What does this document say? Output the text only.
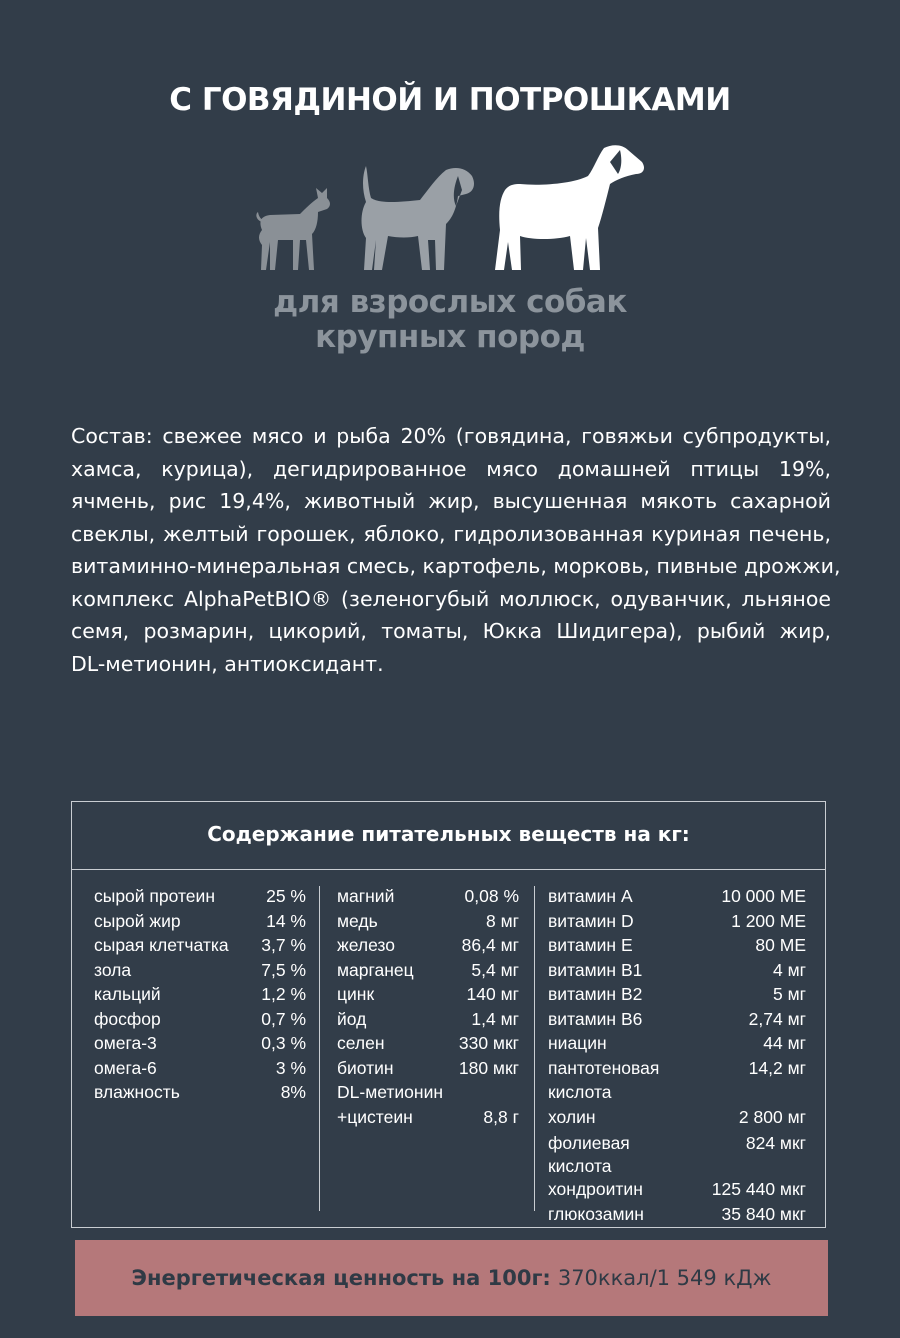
С ГОВЯДИНОЙ И ПОТРОШКАМИ
для взрослых собак
крупных пород
Состав: свежее мясо и рыба 20% (говядина, говяжьи субпродукты,
хамса, курица), дегидрированное мясо домашней птицы 19%,
ячмень, рис 19,4%, животный жир, высушенная мякоть сахарной
свеклы, желтый горошек, яблоко, гидролизованная куриная печень,
витаминно-минеральная смесь, картофель, морковь, пивные дрожжи,
комплекс AlphaPetBIO® (зеленогубый моллюск, одуванчик, льняное
семя, розмарин, цикорий, томаты, Юкка Шидигера), рыбий жир,
DL-метионин, антиоксидант.
Содержание питательных веществ на кг:
сырой протеин	25 %
сырой жир	14 %
сырая клетчатка 3,7 %
зола	7,5 %
кальций	1,2 %
фосфор	0,7 %
омега-3	0,3 %
омега-6	3 %
влажность	8%
магний	0,08 %
медь	8 мг
железо	86,4 мг
марганец	5,4 мг
цинк	140 мг
йод	1,4 мг
селен	330 мкг
биотин	180 мкг
DL-метионин
+цистеин	8,8 г
витамин А	10 000 МЕ
витамин D	1 200 МЕ
витамин Е	80 МЕ
витамин В1	4 мг
витамин В2	5 мг
витамин В6	2,74 мг
ниацин	44 мг
пантотеновая	14,2 мг
кислота
холин	2 800 мг
фолиевая	824 мкг
кислота
хондроитин	125 440 мкг
глюкозамин	35 840 мкг
Энергетическая ценность на 100г: 370ккал/1 549 кДж
